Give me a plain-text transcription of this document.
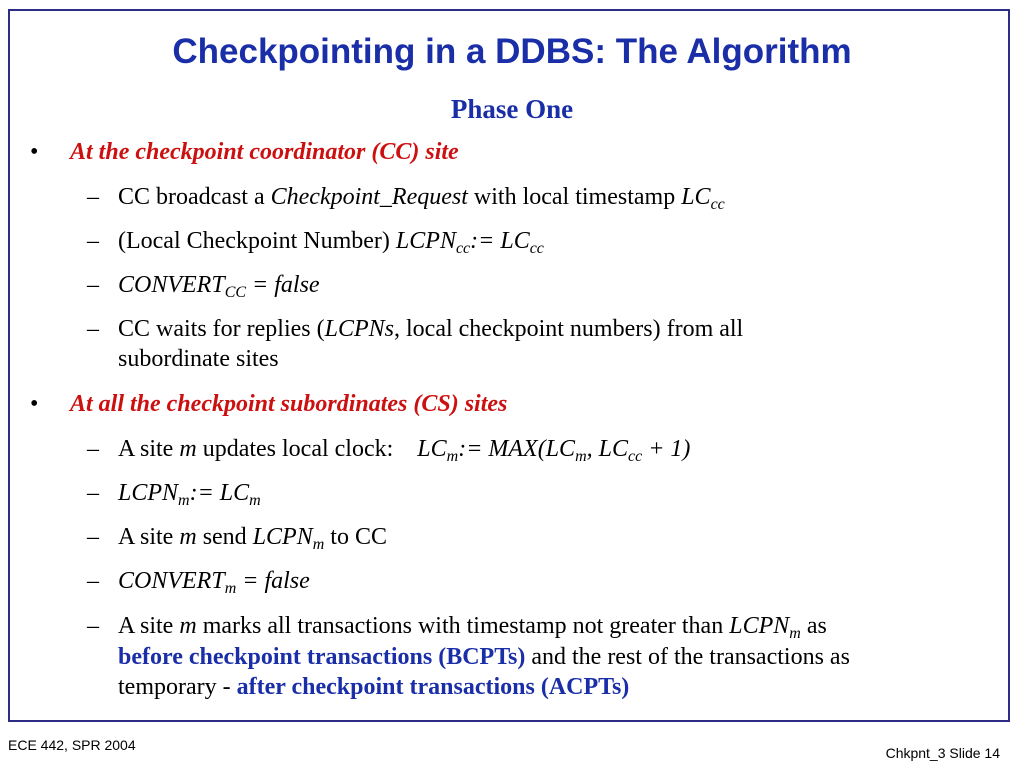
Checkpointing in a DDBS: The Algorithm
Phase One
• At the checkpoint coordinator (CC) site
– CC broadcast a Checkpoint_Request with local timestamp $LC_{cc}$
– (Local Checkpoint Number) $LCPN_{cc}:= LC_{cc}$
– $CONVERT_{CC}$ = false
– CC waits for replies (LCPNs, local checkpoint numbers) from all
subordinate sites
• At all the checkpoint subordinates (CS) sites
– A site m updates local clock:    $LC_m:= MAX(LC_m$, $LC_{cc} + 1$)
– $LCPN_m:= LC_m$
– A site m send $LCPN_m$ to CC
– $CONVERT_m$ = false
– A site m marks all transactions with timestamp not greater than $LCPN_m$ as
before checkpoint transactions (BCPTs) and the rest of the transactions as
temporary - after checkpoint transactions (ACPTs)
ECE 442, SPR 2004	Chkpnt_3 Slide 14
